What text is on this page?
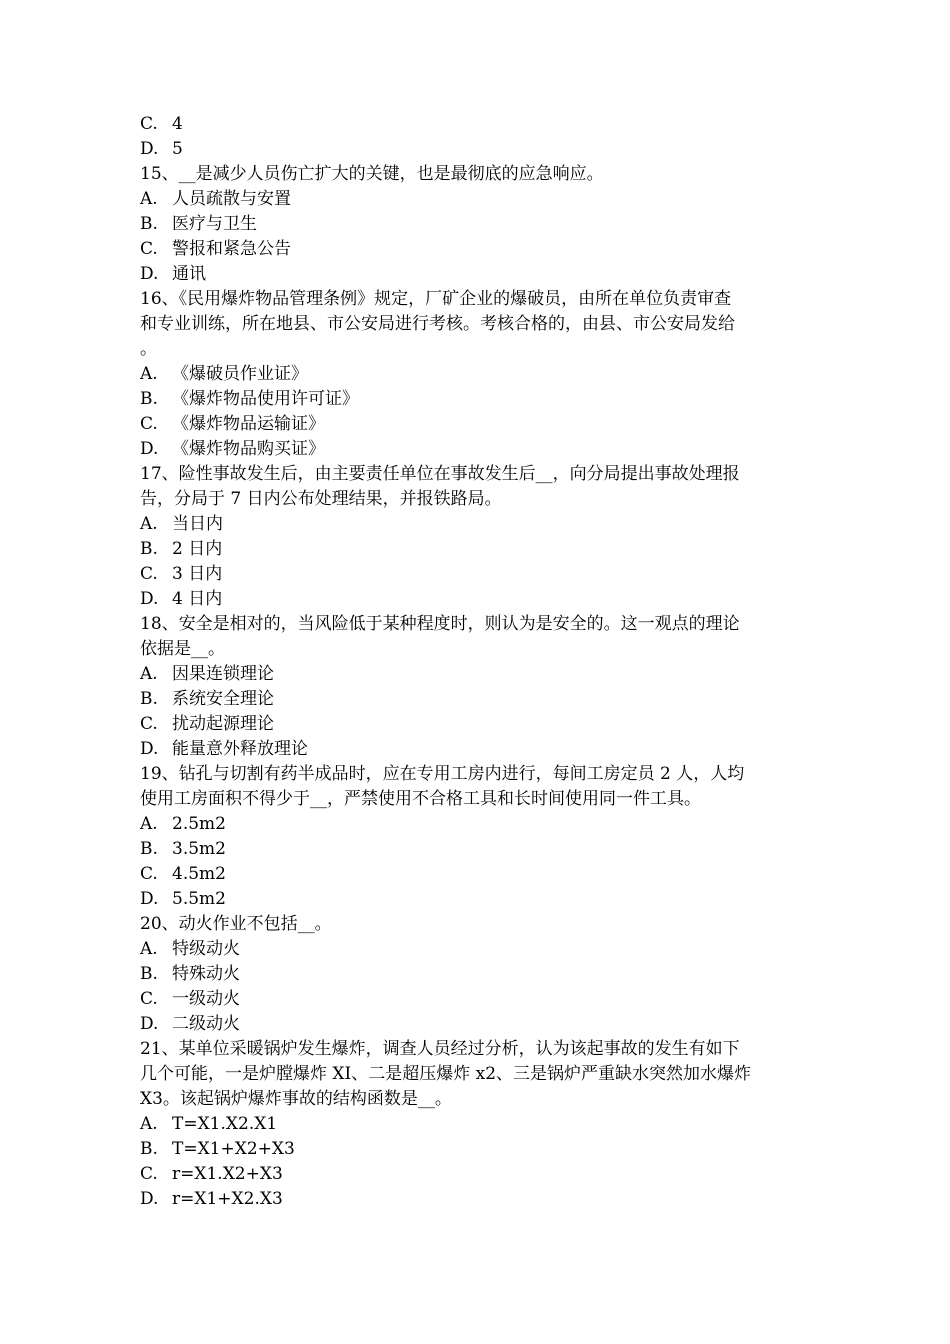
C. 4
D. 5
15、__是减少人员伤亡扩大的关键，也是最彻底的应急响应。
A. 人员疏散与安置
B. 医疗与卫生
C. 警报和紧急公告
D. 通讯
16、《民用爆炸物品管理条例》规定，厂矿企业的爆破员，由所在单位负责审查
和专业训练，所在地县、市公安局进行考核。考核合格的，由县、市公安局发给
。
A. 《爆破员作业证》
B. 《爆炸物品使用许可证》
C. 《爆炸物品运输证》
D. 《爆炸物品购买证》
17、险性事故发生后，由主要责任单位在事故发生后__，向分局提出事故处理报
告，分局于 7 日内公布处理结果，并报铁路局。
A. 当日内
B. 2 日内
C. 3 日内
D. 4 日内
18、安全是相对的，当风险低于某种程度时，则认为是安全的。这一观点的理论
依据是__。
A. 因果连锁理论
B. 系统安全理论
C. 扰动起源理论
D. 能量意外释放理论
19、钻孔与切割有药半成品时，应在专用工房内进行，每间工房定员 2 人，人均
使用工房面积不得少于__，严禁使用不合格工具和长时间使用同一件工具。
A. 2.5m2
B. 3.5m2
C. 4.5m2
D. 5.5m2
20、动火作业不包括__。
A. 特级动火
B. 特殊动火
C. 一级动火
D. 二级动火
21、某单位采暖锅炉发生爆炸，调查人员经过分析，认为该起事故的发生有如下
几个可能，一是炉膛爆炸 XI、二是超压爆炸 x2、三是锅炉严重缺水突然加水爆炸
X3。该起锅炉爆炸事故的结构函数是__。
A. T=X1.X2.X1
B. T=X1+X2+X3
C. r=X1.X2+X3
D. r=X1+X2.X3
